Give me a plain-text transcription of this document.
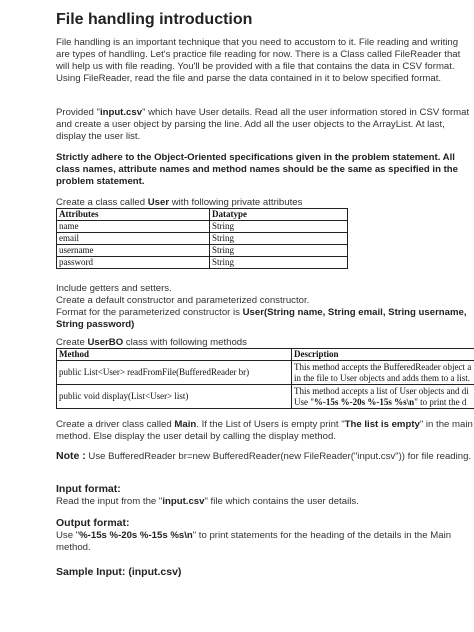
File handling introduction

File handling is an important technique that you need to accustom to it. File reading and writing are types of handling. Let's practice file reading for now. There is a Class called FileReader that will help us with file reading. You'll be provided with a file that contains the data in CSV format. Using FileReader, read the file and parse the data contained in it to below specified format.

Provided "input.csv" which have User details. Read all the user information stored in CSV format and create a user object by parsing the line. Add all the user objects to the ArrayList. At last, display the user list.

Strictly adhere to the Object-Oriented specifications given in the problem statement. All class names, attribute names and method names should be the same as specified in the problem statement.

Create a class called User with following private attributes

Attributes	Datatype
name	String
email	String
username	String
password	String

Include getters and setters.

Create a default constructor and parameterized constructor.

Format for the parameterized constructor is User(String name, String email, String username, String password)

Create UserBO class with following methods

Method	Description
public List<User> readFromFile(BufferedReader br)	This method accepts the BufferedReader object a
in the file to User objects and adds them to a list.

public void display(List<User> list)	This method accepts a list of User objects and di
Use "%-15s %-20s %-15s %s\n" to print the d

Create a driver class called Main. If the List of Users is empty print "The list is empty" in the main method. Else display the user detail by calling the display method.

Note : Use BufferedReader br=new BufferedReader(new FileReader("input.csv")) for file reading.

Input format:

Read the input from the "input.csv" file which contains the user details.

Output format:

Use "%-15s %-20s %-15s %s\n" to print statements for the heading of the details in the Main method.

Sample Input: (input.csv)
